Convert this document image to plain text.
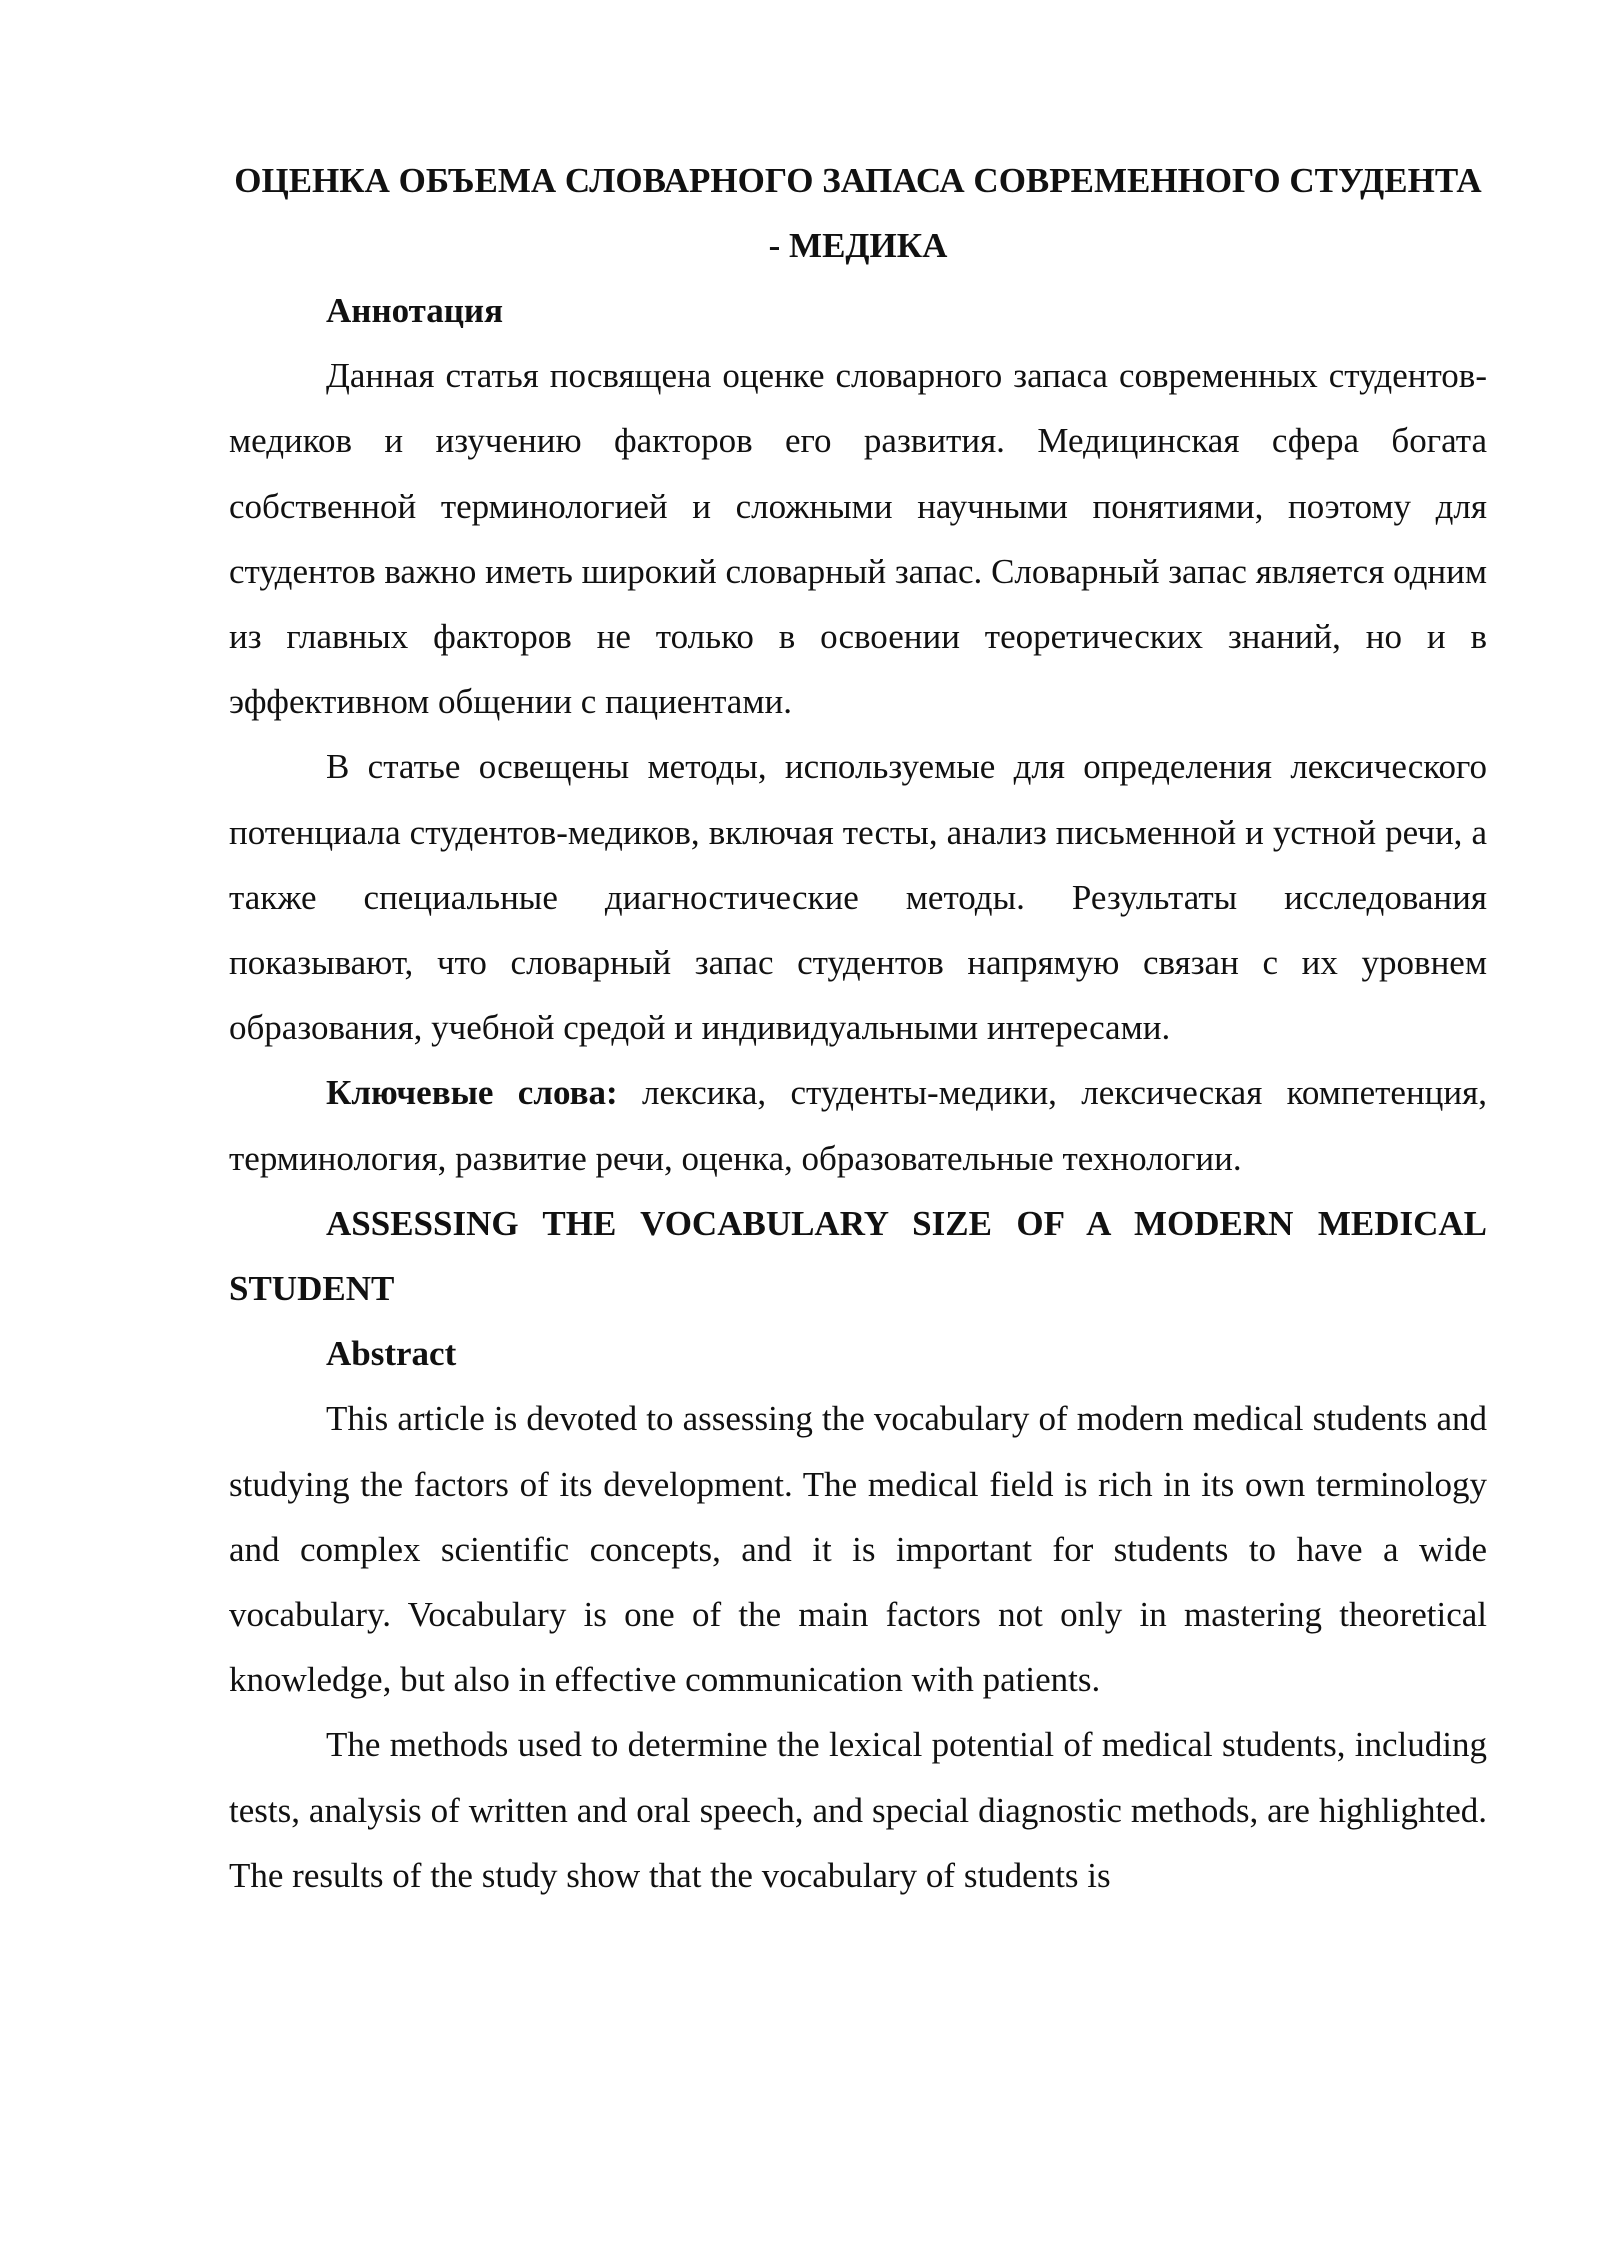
ОЦЕНКА ОБЪЕМА СЛОВАРНОГО ЗАПАСА СОВРЕМЕННОГО СТУДЕНТА - МЕДИКА

Аннотация

Данная статья посвящена оценке словарного запаса современных студентов-медиков и изучению факторов его развития. Медицинская сфера богата собственной терминологией и сложными научными понятиями, поэтому для студентов важно иметь широкий словарный запас. Словарный запас является одним из главных факторов не только в освоении теоретических знаний, но и в эффективном общении с пациентами.

В статье освещены методы, используемые для определения лексического потенциала студентов-медиков, включая тесты, анализ письменной и устной речи, а также специальные диагностические методы. Результаты исследования показывают, что словарный запас студентов напрямую связан с их уровнем образования, учебной средой и индивидуальными интересами.

Ключевые слова: лексика, студенты-медики, лексическая компетенция, терминология, развитие речи, оценка, образовательные технологии.

ASSESSING THE VOCABULARY SIZE OF A MODERN MEDICAL STUDENT

Abstract

This article is devoted to assessing the vocabulary of modern medical students and studying the factors of its development. The medical field is rich in its own terminology and complex scientific concepts, and it is important for students to have a wide vocabulary. Vocabulary is one of the main factors not only in mastering theoretical knowledge, but also in effective communication with patients.

The methods used to determine the lexical potential of medical students, including tests, analysis of written and oral speech, and special diagnostic methods, are highlighted. The results of the study show that the vocabulary of students is
